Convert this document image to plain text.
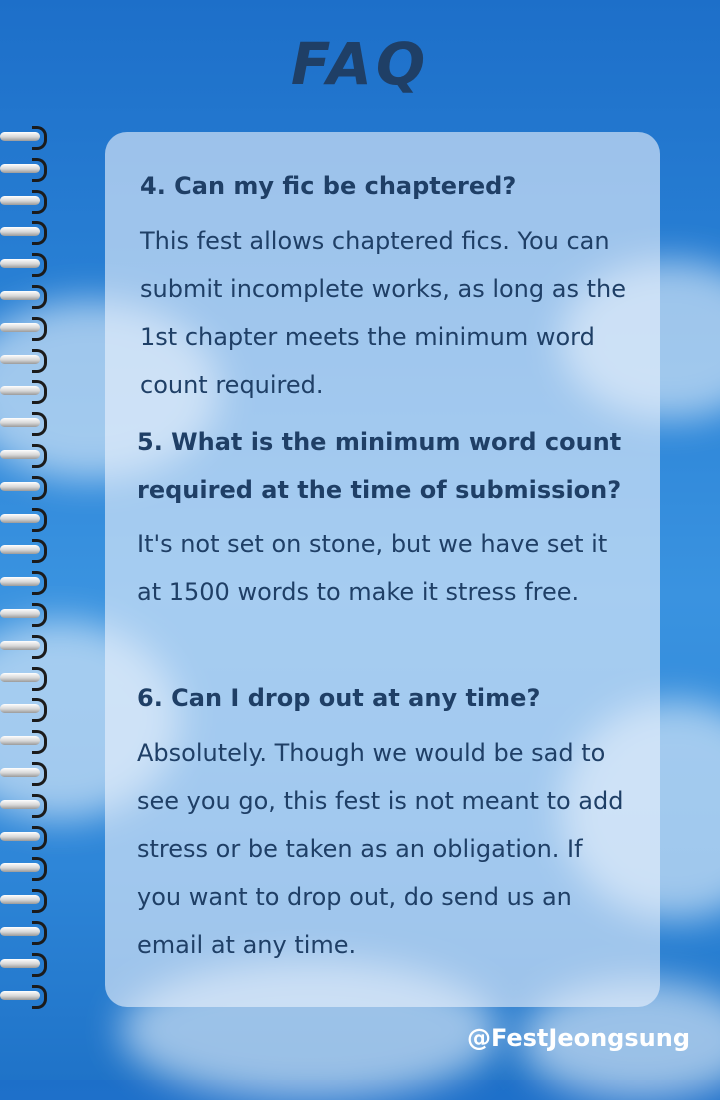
FAQ
4. Can my fic be chaptered?
This fest allows chaptered fics. You can submit incomplete works, as long as the 1st chapter meets the minimum word count required.
5. What is the minimum word count required at the time of submission?
It's not set on stone, but we have set it at 1500 words to make it stress free.
6. Can I drop out at any time?
Absolutely. Though we would be sad to see you go, this fest is not meant to add stress or be taken as an obligation. If you want to drop out, do send us an email at any time.
@FestJeongsung
